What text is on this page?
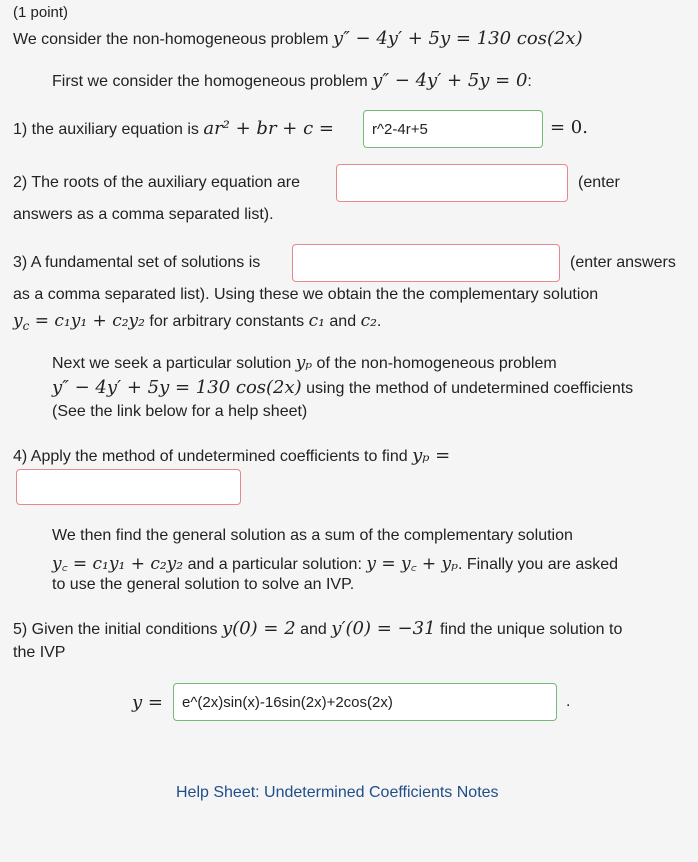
(1 point)
We consider the non-homogeneous problem y″ − 4y′ + 5y = 130 cos(2x)
First we consider the homogeneous problem y″ − 4y′ + 5y = 0:
1) the auxiliary equation is ar² + br + c =	r^2-4r+5	= 0.
2) The roots of the auxiliary equation are	(enter
answers as a comma separated list).
3) A fundamental set of solutions is	(enter answers
as a comma separated list). Using these we obtain the the complementary solution
$y_c = c_1y_1 + c_2y_2$ for arbitrary constants c₁ and c₂.
Next we seek a particular solution yₚ of the non-homogeneous problem
y″ − 4y′ + 5y = 130 cos(2x) using the method of undetermined coefficients
(See the link below for a help sheet)
4) Apply the method of undetermined coefficients to find yₚ =
We then find the general solution as a sum of the complementary solution
y꜀ = c₁y₁ + c₂y₂ and a particular solution: y = y꜀ + yₚ. Finally you are asked
to use the general solution to solve an IVP.
5) Given the initial conditions y(0) = 2 and y′(0) = −31 find the unique solution to
the IVP
y =	e^(2x)sin(x)-16sin(2x)+2cos(2x)	.
Help Sheet: Undetermined Coefficients Notes
